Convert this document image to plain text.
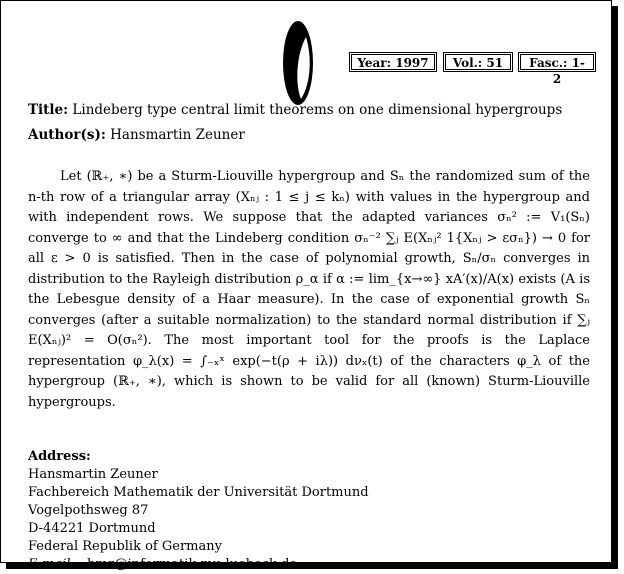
Year: 1997	Vol.: 51	Fasc.: 1-2
Title: Lindeberg type central limit theorems on one dimensional hypergroups
Author(s): Hansmartin Zeuner

Let (ℝ₊, ∗) be a Sturm-Liouville hypergroup and Sₙ the randomized sum of the n-th row of a triangular array (Xₙⱼ : 1 ≤ j ≤ kₙ) with values in the hypergroup and with independent rows. We suppose that the adapted variances σₙ² := V₁(Sₙ) converge to ∞ and that the Lindeberg condition σₙ⁻² ∑ⱼ E(Xₙⱼ² 1{Xₙⱼ > εσₙ}) → 0 for all ε > 0 is satisfied. Then in the case of polynomial growth, Sₙ/σₙ converges in distribution to the Rayleigh distribution ρ_α if α := lim_{x→∞} xA′(x)/A(x) exists (A is the Lebesgue density of a Haar measure). In the case of exponential growth Sₙ converges (after a suitable normalization) to the standard normal distribution if ∑ⱼ E(Xₙⱼ)² = O(σₙ²). The most important tool for the proofs is the Laplace representation φ_λ(x) = ∫₋ₓˣ exp(−t(ρ + iλ)) dνₓ(t) of the characters φ_λ of the hypergroup (ℝ₊, ∗), which is shown to be valid for all (known) Sturm-Liouville hypergroups.

Address:
Hansmartin Zeuner
Fachbereich Mathematik der Universität Dortmund
Vogelpothsweg 87
D-44221 Dortmund
Federal Republik of Germany
E-mail: hmz@informatik.mu-luebeck.de
